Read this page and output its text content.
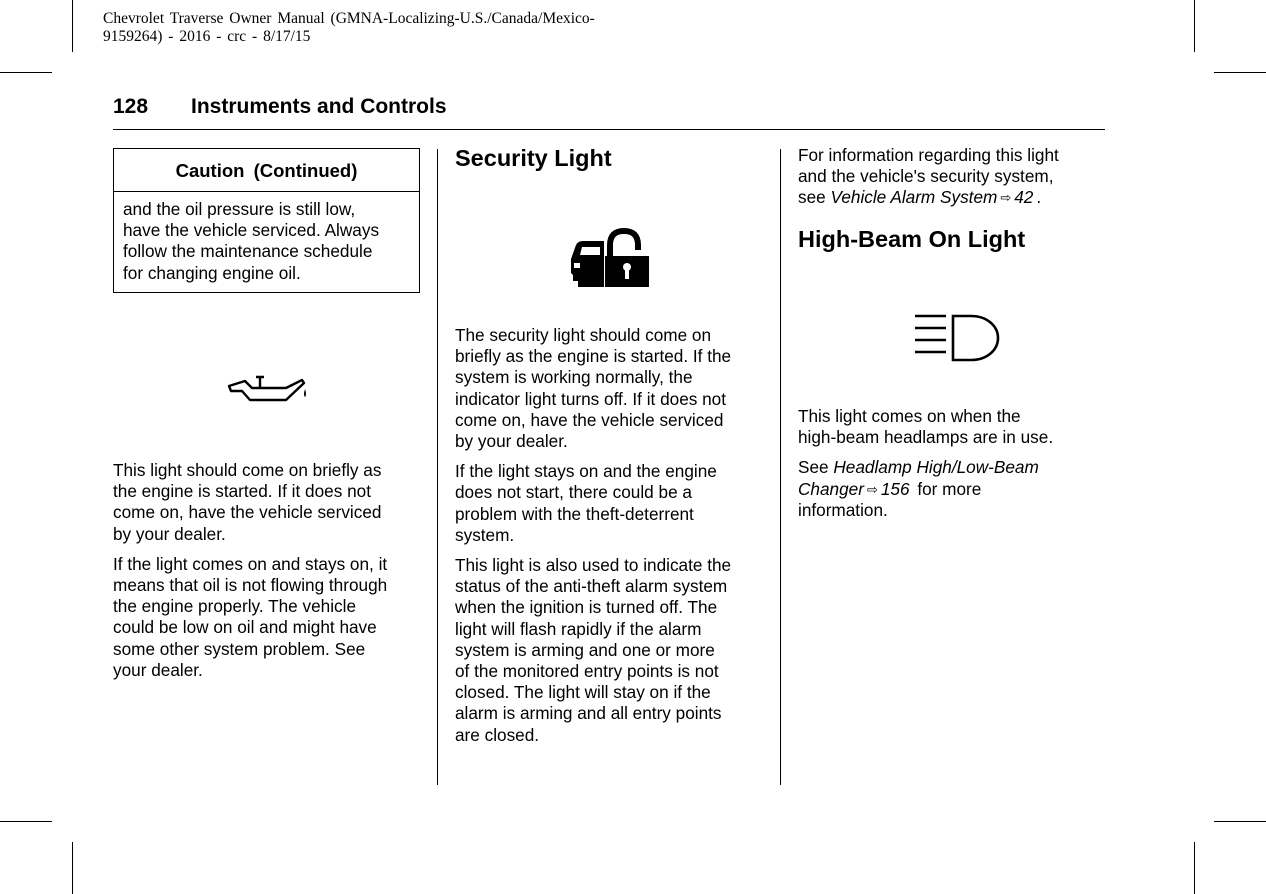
Chevrolet Traverse Owner Manual (GMNA-Localizing-U.S./Canada/Mexico-
9159264) - 2016 - crc - 8/17/15
128 Instruments and Controls
Caution (Continued)
and the oil pressure is still low,
have the vehicle serviced. Always
follow the maintenance schedule
for changing engine oil.

This light should come on briefly as
the engine is started. If it does not
come on, have the vehicle serviced
by your dealer.

If the light comes on and stays on, it
means that oil is not flowing through
the engine properly. The vehicle
could be low on oil and might have
some other system problem. See
your dealer.

Security Light

The security light should come on
briefly as the engine is started. If the
system is working normally, the
indicator light turns off. If it does not
come on, have the vehicle serviced
by your dealer.

If the light stays on and the engine
does not start, there could be a
problem with the theft-deterrent
system.

This light is also used to indicate the
status of the anti-theft alarm system
when the ignition is turned off. The
light will flash rapidly if the alarm
system is arming and one or more
of the monitored entry points is not
closed. The light will stay on if the
alarm is arming and all entry points
are closed.

For information regarding this light
and the vehicle's security system,
see Vehicle Alarm System ⇨ 42 .

High-Beam On Light

This light comes on when the
high-beam headlamps are in use.

See Headlamp High/Low-Beam
Changer ⇨ 156 for more
information.
